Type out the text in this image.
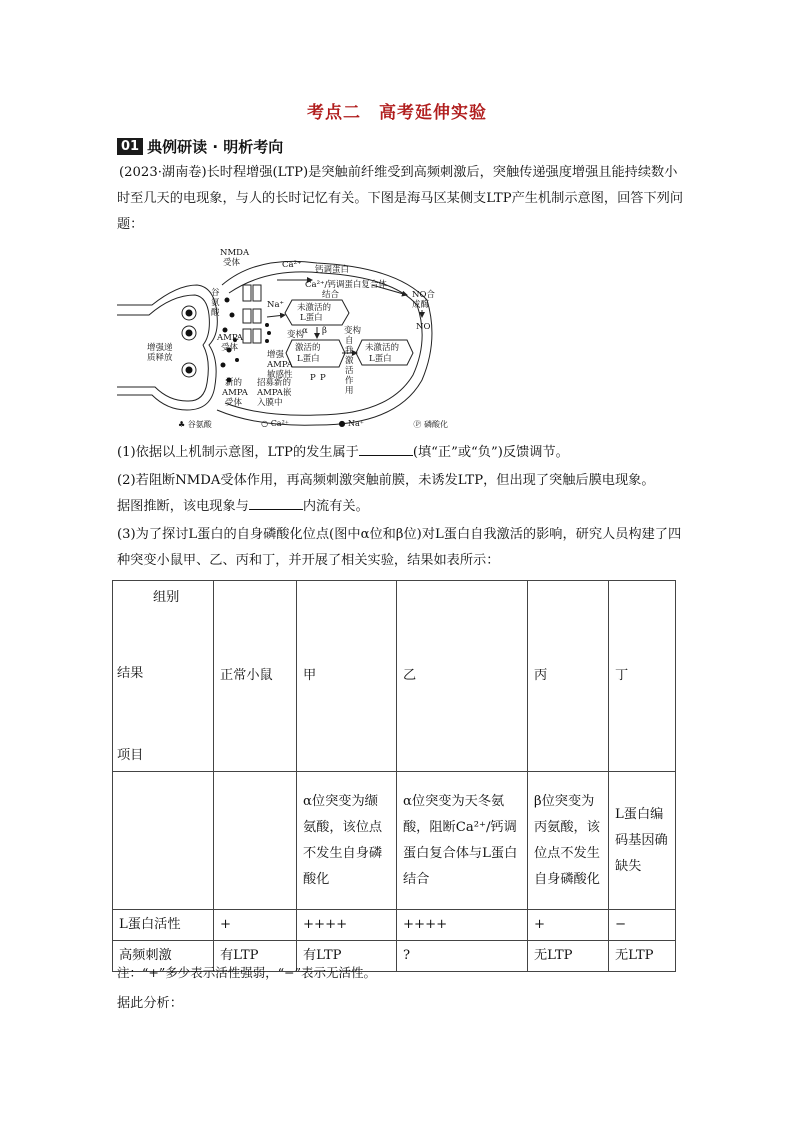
考点二　高考延伸实验
01 典例研读 · 明析考向
(2023·湖南卷)长时程增强(LTP)是突触前纤维受到高频刺激后，突触传递强度增强且能持续数小时至几天的电现象，与人的长时记忆有关。下图是海马区某侧支LTP产生机制示意图，回答下列问题：
NMDA
受体	Ca²⁺ 钙调蛋白
Ca²⁺/钙调蛋白复合体
结合
未激活的
L蛋白
α β 变构
Na⁺
谷
氨
酸
AMPA
受体
增强
AMPA
敏感性
变构
激活的
L蛋白
自
我
激
活
作
用
未激活的
L蛋白
NO合
成酶
NO
增强递
质释放
新的
AMPA
受体
招募新的
AMPA嵌
入膜中
P P
♣ 谷氨酸	○ Ca²⁺	● Na⁺	Ⓟ 磷酸化
(1)依据以上机制示意图，LTP的发生属于	(填“正”或“负”)反馈调节。
(2)若阻断NMDA受体作用，再高频刺激突触前膜，未诱发LTP，但出现了突触后膜电现象。
据图推断，该电现象与	内流有关。
(3)为了探讨L蛋白的自身磷酸化位点(图中α位和β位)对L蛋白自我激活的影响，研究人员构建了四种突变小鼠甲、乙、丙和丁，并开展了相关实验，结果如表所示：
组别
结果
项目	正常小鼠	甲	乙	丙	丁
		α位突变为缬氨酸，该位点不发生自身磷酸化	α位突变为天冬氨酸，阻断Ca²⁺/钙调蛋白复合体与L蛋白结合	β位突变为丙氨酸，该位点不发生自身磷酸化	L蛋白编码基因确缺失
L蛋白活性	+	++++	++++	+	−
高频刺激	有LTP	有LTP	?	无LTP	无LTP
注：“+”多少表示活性强弱，“−”表示无活性。
据此分析：
